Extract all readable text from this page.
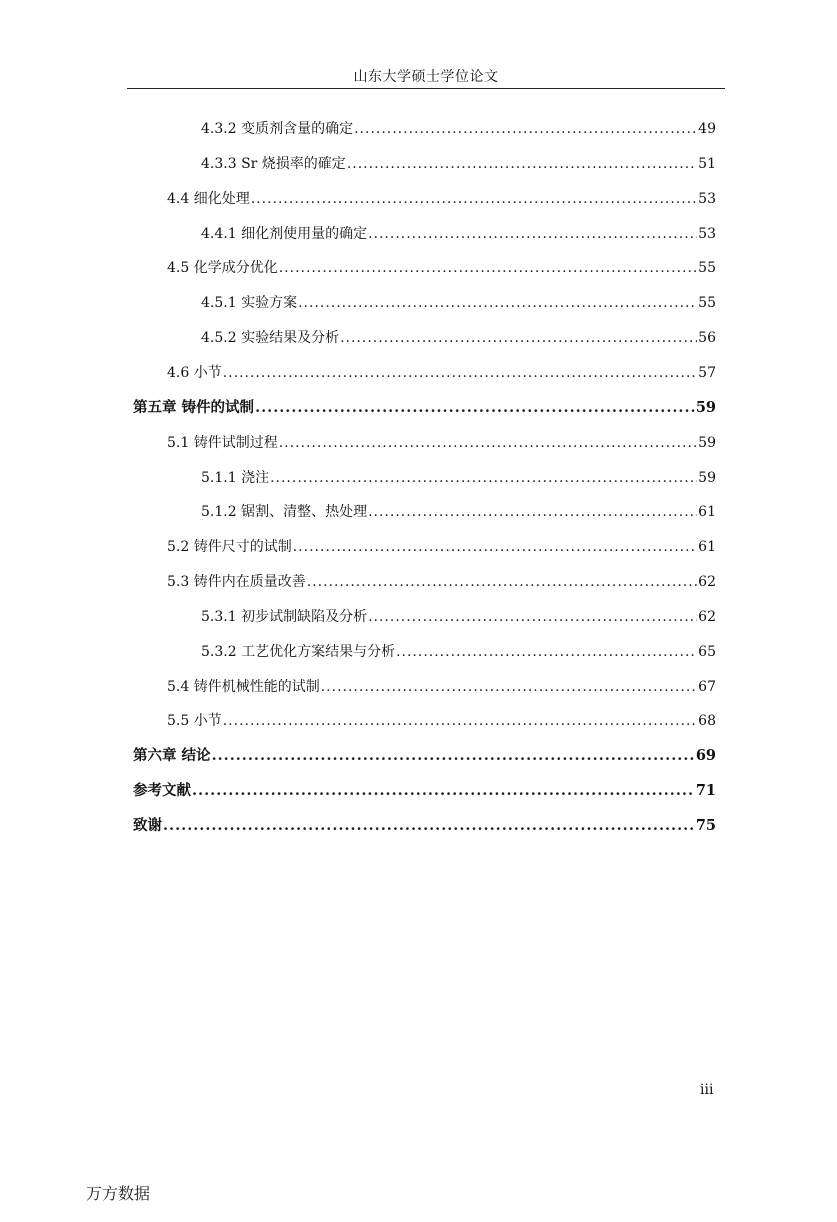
山东大学硕士学位论文
4.3.2 变质剂含量的确定 .....	49
4.3.3 Sr 烧损率的確定 .....	51
4.4 细化处理 .....	53
4.4.1 细化剂使用量的确定 .....	53
4.5 化学成分优化 .....	55
4.5.1 实验方案 .....	55
4.5.2 实验结果及分析 .....	56
4.6 小节 .....	57
第五章 铸件的试制 .....	59
5.1 铸件试制过程 .....	59
5.1.1 浇注 .....	59
5.1.2 锯割、清整、热处理 .....	61
5.2 铸件尺寸的试制 .....	61
5.3 铸件内在质量改善 .....	62
5.3.1 初步试制缺陷及分析 .....	62
5.3.2 工艺优化方案结果与分析 .....	65
5.4 铸件机械性能的试制 .....	67
5.5 小节 .....	68
第六章 结论 .....	69
参考文献 .....	71
致谢 .....	75
iii
万方数据
